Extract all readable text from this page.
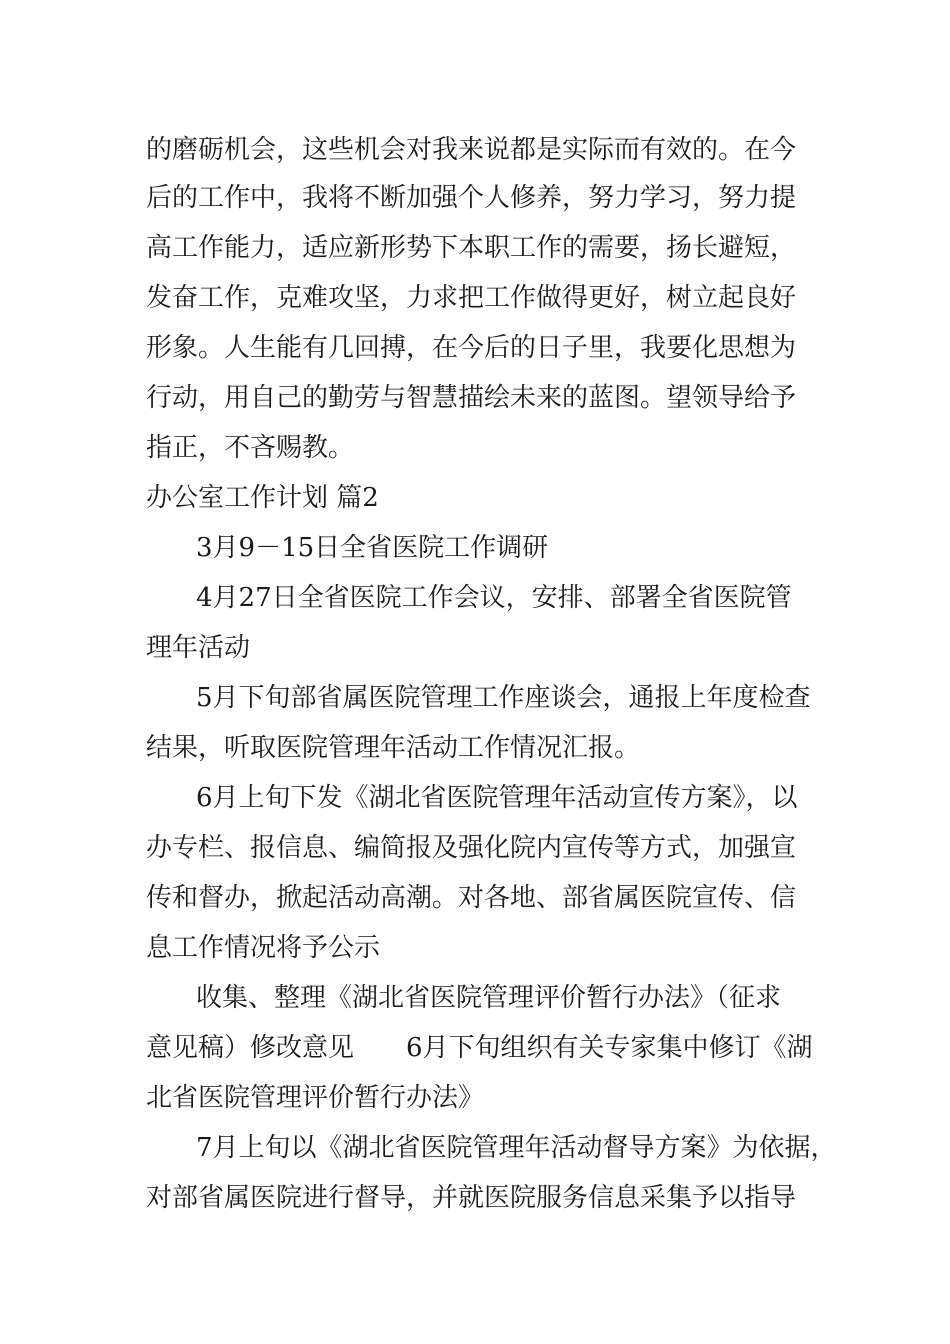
的磨砺机会，这些机会对我来说都是实际而有效的。在今
后的工作中，我将不断加强个人修养，努力学习，努力提
高工作能力，适应新形势下本职工作的需要，扬长避短，
发奋工作，克难攻坚，力求把工作做得更好，树立起良好
形象。人生能有几回搏，在今后的日子里，我要化思想为
行动，用自己的勤劳与智慧描绘未来的蓝图。望领导给予
指正，不吝赐教。
办公室工作计划 篇2
3月9－15日全省医院工作调研
4月27日全省医院工作会议，安排、部署全省医院管
理年活动
5月下旬部省属医院管理工作座谈会，通报上年度检查
结果，听取医院管理年活动工作情况汇报。
6月上旬下发《湖北省医院管理年活动宣传方案》，以
办专栏、报信息、编简报及强化院内宣传等方式，加强宣
传和督办，掀起活动高潮。对各地、部省属医院宣传、信
息工作情况将予公示
收集、整理《湖北省医院管理评价暂行办法》（征求
意见稿）修改意见　　6月下旬组织有关专家集中修订《湖
北省医院管理评价暂行办法》
7月上旬以《湖北省医院管理年活动督导方案》为依据，
对部省属医院进行督导，并就医院服务信息采集予以指导
